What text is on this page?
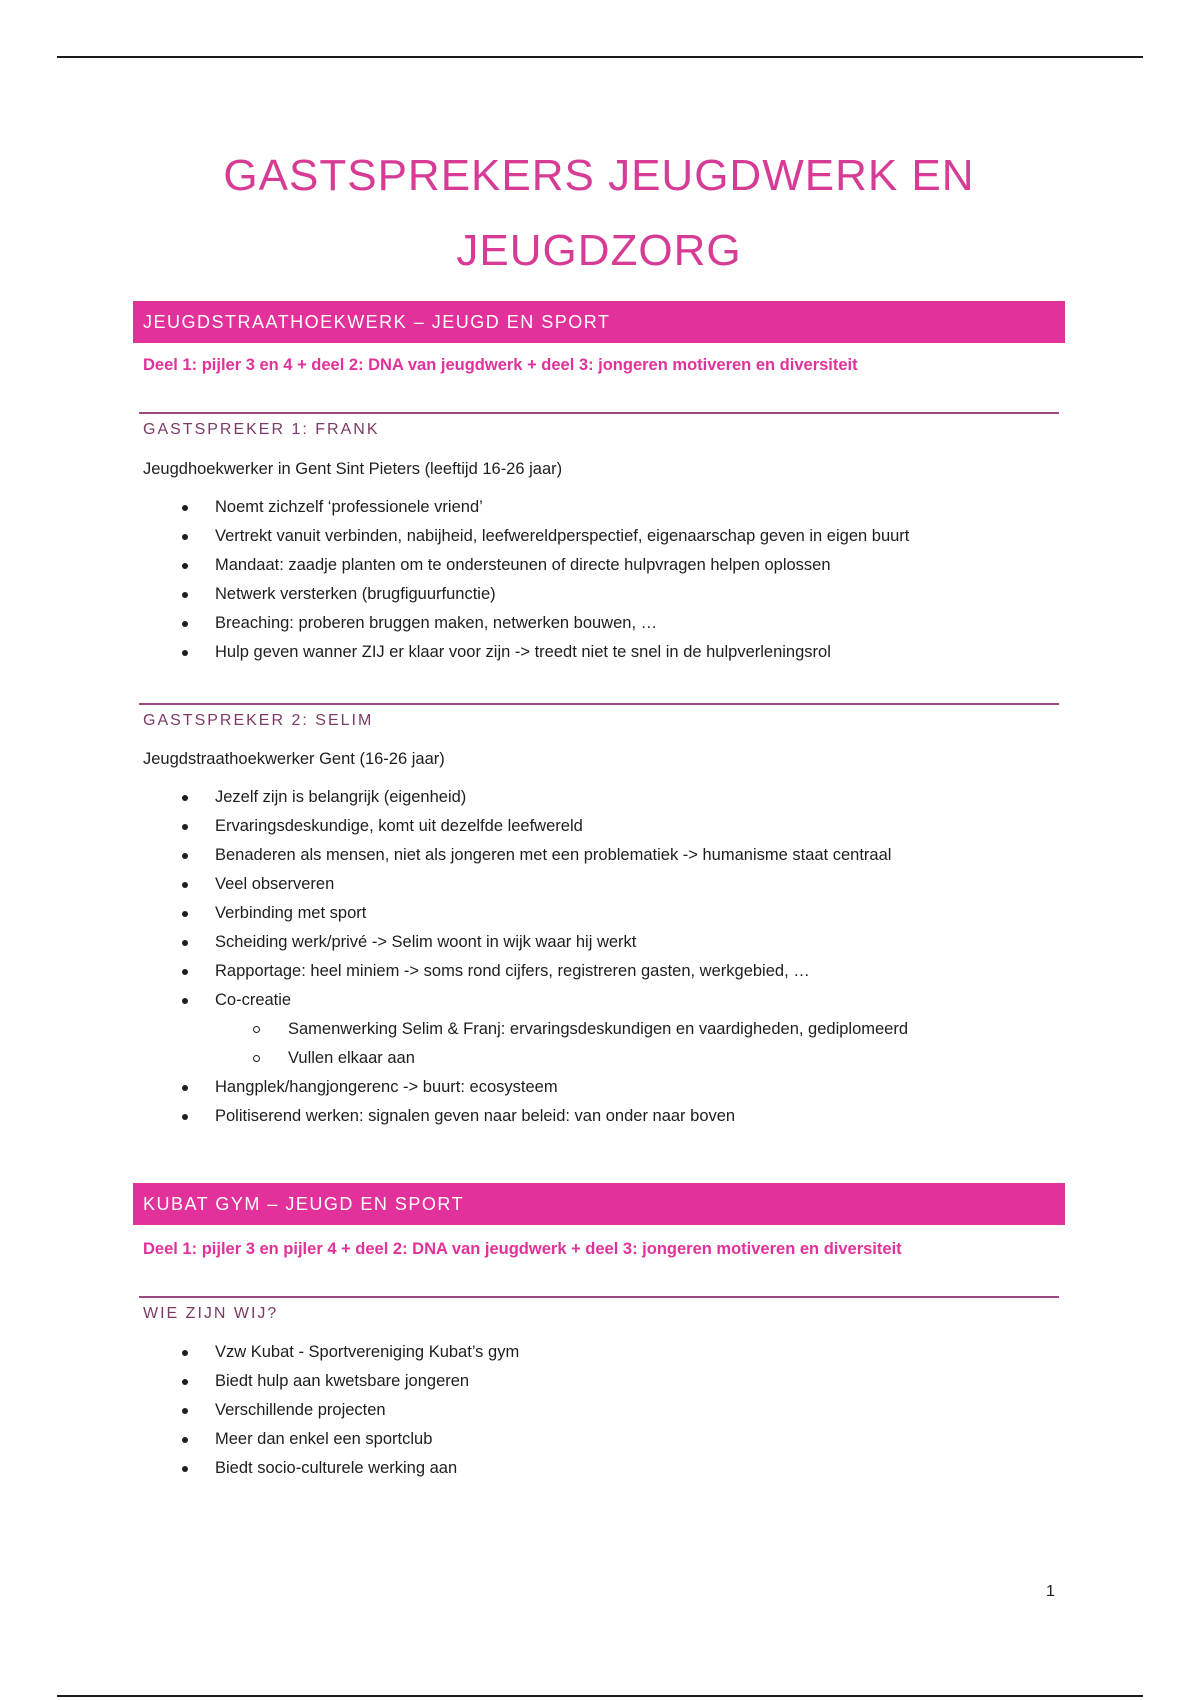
GASTSPREKERS JEUGDWERK EN
JEUGDZORG
JEUGDSTRAATHOEKWERK – JEUGD EN SPORT
Deel 1: pijler 3 en 4 + deel 2: DNA van jeugdwerk + deel 3: jongeren motiveren en diversiteit
GASTSPREKER 1: FRANK
Jeugdhoekwerker in Gent Sint Pieters (leeftijd 16-26 jaar)
Noemt zichzelf ‘professionele vriend’
Vertrekt vanuit verbinden, nabijheid, leefwereldperspectief, eigenaarschap geven in eigen buurt
Mandaat: zaadje planten om te ondersteunen of directe hulpvragen helpen oplossen
Netwerk versterken (brugfiguurfunctie)
Breaching: proberen bruggen maken, netwerken bouwen, …
Hulp geven wanner ZIJ er klaar voor zijn -> treedt niet te snel in de hulpverleningsrol
GASTSPREKER 2: SELIM
Jeugdstraathoekwerker Gent (16-26 jaar)
Jezelf zijn is belangrijk (eigenheid)
Ervaringsdeskundige, komt uit dezelfde leefwereld
Benaderen als mensen, niet als jongeren met een problematiek -> humanisme staat centraal
Veel observeren
Verbinding met sport
Scheiding werk/privé -> Selim woont in wijk waar hij werkt
Rapportage: heel miniem -> soms rond cijfers, registreren gasten, werkgebied, …
Co-creatie
Samenwerking Selim & Franj: ervaringsdeskundigen en vaardigheden, gediplomeerd
Vullen elkaar aan
Hangplek/hangjongerenc -> buurt: ecosysteem
Politiserend werken: signalen geven naar beleid: van onder naar boven
KUBAT GYM – JEUGD EN SPORT
Deel 1: pijler 3 en pijler 4 + deel 2: DNA van jeugdwerk + deel 3: jongeren motiveren en diversiteit
WIE ZIJN WIJ?
Vzw Kubat - Sportvereniging Kubat’s gym
Biedt hulp aan kwetsbare jongeren
Verschillende projecten
Meer dan enkel een sportclub
Biedt socio-culturele werking aan
1
